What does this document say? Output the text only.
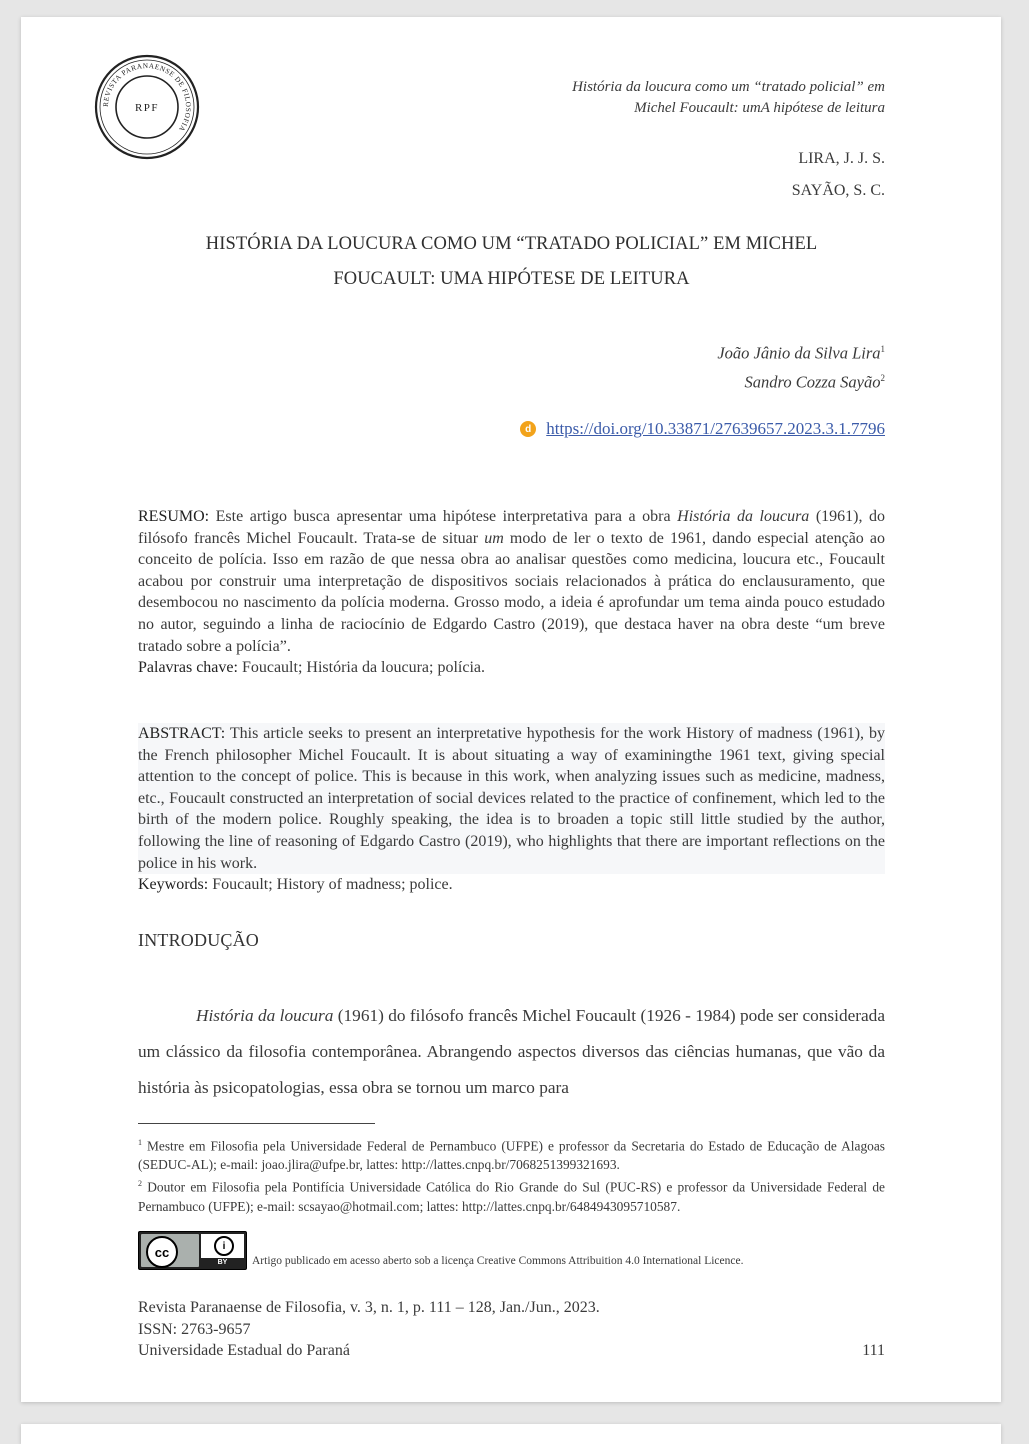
REVISTA PARANAENSE DE FILOSOFIA
RPF
História da loucura como um “tratado policial” em
Michel Foucault: umA hipótese de leitura
LIRA, J. J. S.
SAYÃO, S. C.
HISTÓRIA DA LOUCURA COMO UM “TRATADO POLICIAL” EM MICHEL
FOUCAULT: UMA HIPÓTESE DE LEITURA
João Jânio da Silva Lira$^1$
Sandro Cozza Sayão$^2$
d https://doi.org/10.33871/27639657.2023.3.1.7796
RESUMO: Este artigo busca apresentar uma hipótese interpretativa para a obra História da loucura (1961), do filósofo francês Michel Foucault. Trata-se de situar um modo de ler o texto de 1961, dando especial atenção ao conceito de polícia. Isso em razão de que nessa obra ao analisar questões como medicina, loucura etc., Foucault acabou por construir uma interpretação de dispositivos sociais relacionados à prática do enclausuramento, que desembocou no nascimento da polícia moderna. Grosso modo, a ideia é aprofundar um tema ainda pouco estudado no autor, seguindo a linha de raciocínio de Edgardo Castro (2019), que destaca haver na obra deste “um breve tratado sobre a polícia”.
Palavras chave: Foucault; História da loucura; polícia.
ABSTRACT: This article seeks to present an interpretative hypothesis for the work History of madness (1961), by the French philosopher Michel Foucault. It is about situating a way of examiningthe 1961 text, giving special attention to the concept of police. This is because in this work, when analyzing issues such as medicine, madness, etc., Foucault constructed an interpretation of social devices related to the practice of confinement, which led to the birth of the modern police. Roughly speaking, the idea is to broaden a topic still little studied by the author, following the line of reasoning of Edgardo Castro (2019), who highlights that there are important reflections on the police in his work.
Keywords: Foucault; History of madness; police.
INTRODUÇÃO

História da loucura (1961) do filósofo francês Michel Foucault (1926 - 1984) pode ser considerada um clássico da filosofia contemporânea. Abrangendo aspectos diversos das ciências humanas, que vão da história às psicopatologias, essa obra se tornou um marco para

$^1$ Mestre em Filosofia pela Universidade Federal de Pernambuco (UFPE) e professor da Secretaria do Estado de Educação de Alagoas (SEDUC-AL); e-mail: joao.jlira@ufpe.br, lattes: http://lattes.cnpq.br/7068251399321693.

$^2$ Doutor em Filosofia pela Pontifícia Universidade Católica do Rio Grande do Sul (PUC-RS) e professor da Universidade Federal de Pernambuco (UFPE); e-mail: scsayao@hotmail.com; lattes: http://lattes.cnpq.br/6484943095710587.

cc	i
BY	Artigo publicado em acesso aberto sob a licença Creative Commons Attribuition 4.0 International Licence.
Revista Paranaense de Filosofia, v. 3, n. 1, p. 111 – 128, Jan./Jun., 2023.
ISSN: 2763-9657
Universidade Estadual do Paraná	111
